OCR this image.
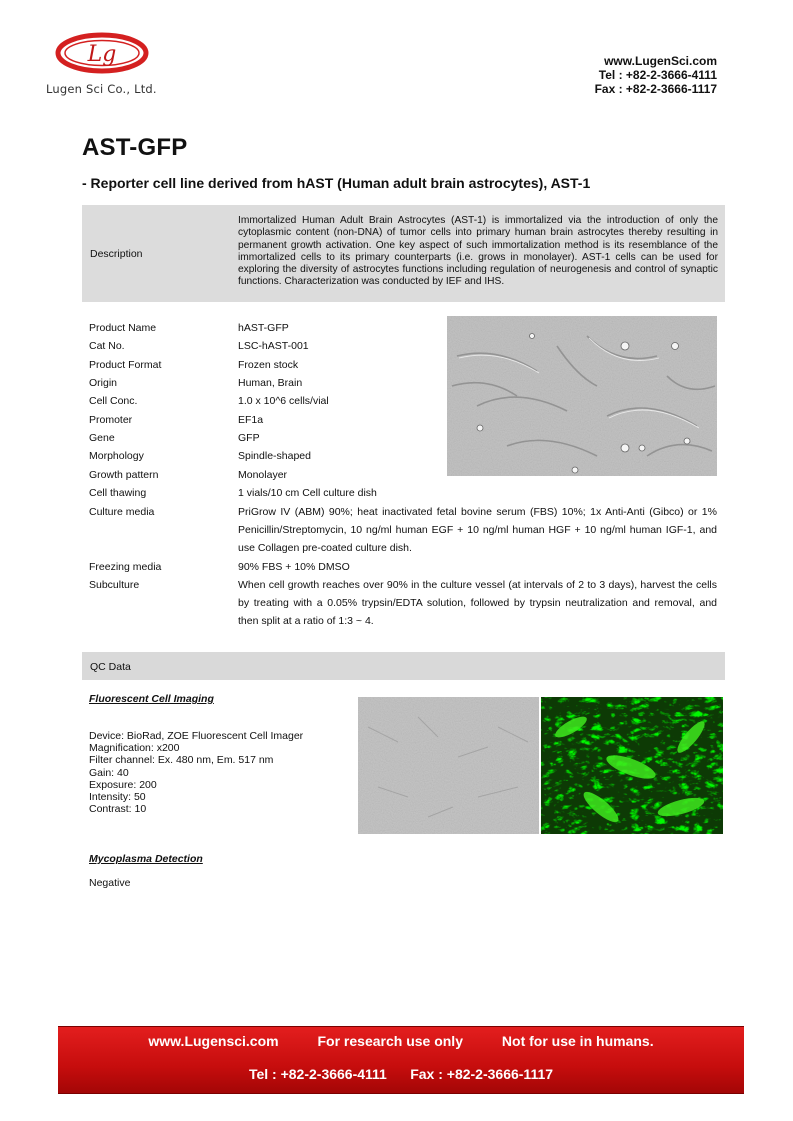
Lg
Lugen Sci Co., Ltd.
www.LugenSci.com
Tel : +82-2-3666-4111
Fax : +82-2-3666-1117
AST-GFP
- Reporter cell line derived from hAST (Human adult brain astrocytes), AST-1
Description
Immortalized Human Adult Brain Astrocytes (AST-1) is immortalized via the introduction of only the cytoplasmic content (non-DNA) of tumor cells into primary human brain astrocytes thereby resulting in permanent growth activation. One key aspect of such immortalization method is its resemblance of the immortalized cells to its primary counterparts (i.e. grows in monolayer). AST-1 cells can be used for exploring the diversity of astrocytes functions including regulation of neurogenesis and control of synaptic functions. Characterization was conducted by IEF and IHS.
Product Name	hAST-GFP
Cat No.	LSC-hAST-001
Product Format	Frozen stock
Origin	Human, Brain
Cell Conc.	1.0 x 10^6 cells/vial
Promoter	EF1a
Gene	GFP
Morphology	Spindle-shaped
Growth pattern	Monolayer
Cell thawing	1 vials/10 cm Cell culture dish
Culture media	PriGrow IV (ABM) 90%; heat inactivated fetal bovine serum (FBS) 10%; 1x Anti-Anti (Gibco) or 1% Penicillin/Streptomycin, 10 ng/ml human EGF + 10 ng/ml human HGF + 10 ng/ml human IGF-1, and use Collagen pre-coated culture dish.
Freezing media	90% FBS + 10% DMSO
Subculture	When cell growth reaches over 90% in the culture vessel (at intervals of 2 to 3 days), harvest the cells by treating with a 0.05% trypsin/EDTA solution, followed by trypsin neutralization and removal, and then split at a ratio of 1:3 ~ 4.
QC Data
Fluorescent Cell Imaging
Device: BioRad, ZOE Fluorescent Cell Imager
Magnification: x200
Filter channel: Ex. 480 nm, Em. 517 nm
Gain: 40
Exposure: 200
Intensity: 50
Contrast: 10
Mycoplasma Detection
Negative
www.Lugensci.com	For research use only	Not for use in humans.
Tel : +82-2-3666-4111 Fax : +82-2-3666-1117
